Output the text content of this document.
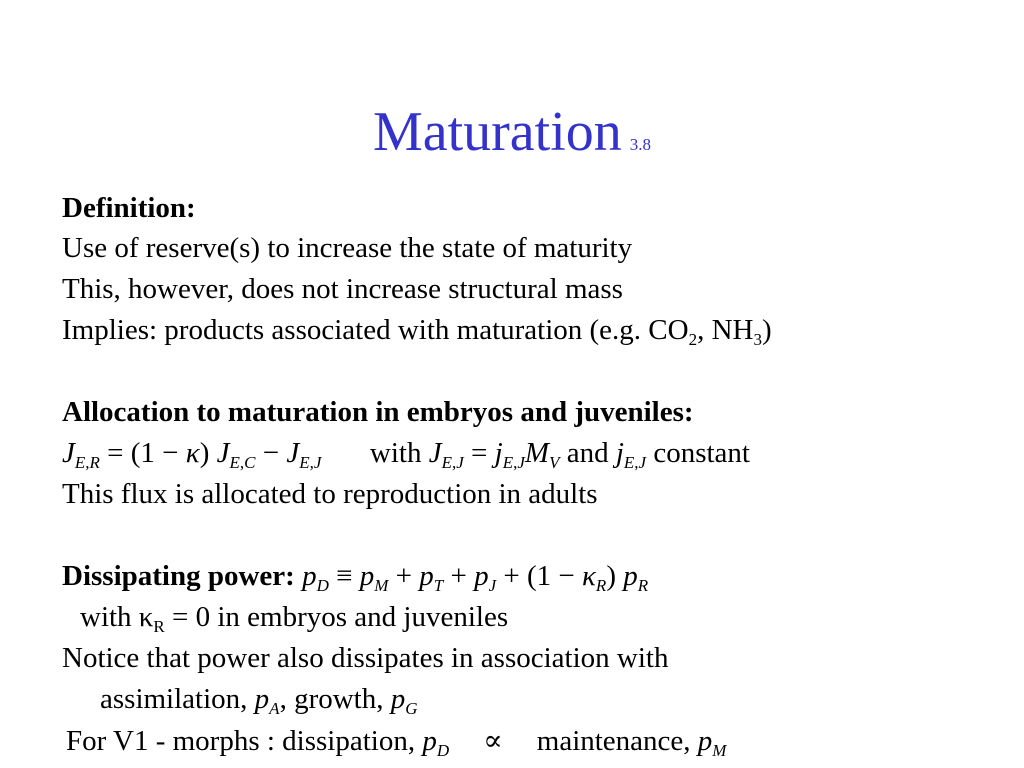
Maturation 3.8
Definition:
Use of reserve(s) to increase the state of maturity
This, however, does not increase structural mass
Implies: products associated with maturation (e.g. $CO_2$, $NH_3$)
Allocation to maturation in embryos and juveniles:
$J_{E,R} = (1 - \kappa) J_{E,C} - J_{E,J}$ with $J_{E,J} = j_{E,J}M_V$ and $j_{E,J}$ constant
This flux is allocated to reproduction in adults
Dissipating power: $p_D \equiv p_M + p_T + p_J + (1 - \kappa_R)$ $p_R$
with $\kappa_R = 0$ in embryos and juveniles
Notice that power also dissipates in association with
assimilation, $p_A$, growth, $p_G$
For V1 - morphs : dissipation, $p_D$ ∝ maintenance, $p_M$
